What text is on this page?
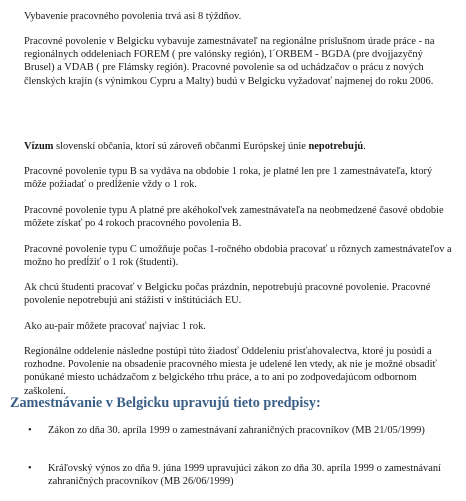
Vybavenie pracovného povolenia trvá asi 8 týždňov.

Pracovné povolenie v Belgicku vybavuje zamestnávateľ na regionálne príslušnom úrade práce - na regionálnych oddeleniach FOREM ( pre valónsky región), l´ORBEM - BGDA (pre dvojjazyčný Brusel) a VDAB ( pre Flámsky región). Pracovné povolenie sa od uchádzačov o prácu z nových členských krajín (s výnimkou Cypru a Malty) budú v Belgicku vyžadovať najmenej do roku 2006.

Vízum slovenskí občania, ktorí sú zároveň občanmi Európskej únie nepotrebujú.

Pracovné povolenie typu B sa vydáva na obdobie 1 roka, je platné len pre 1 zamestnávateľa, ktorý môže požiadať o predĺženie vždy o 1 rok.

Pracovné povolenie typu A platné pre akéhokoľvek zamestnávateľa na neobmedzené časové obdobie môžete získať po 4 rokoch pracovného povolenia B.

Pracovné povolenie typu C umožňuje počas 1-ročného obdobia pracovať u rôznych zamestnávateľov a možno ho predĺžiť o 1 rok (študenti).

Ak chcú študenti pracovať v Belgicku počas prázdnin, nepotrebujú pracovné povolenie. Pracovné povolenie nepotrebujú ani stážisti v inštitúciách EU.

Ako au-pair môžete pracovať najviac 1 rok.

Regionálne oddelenie následne postúpi túto žiadosť Oddeleniu prisťahovalectva, ktoré ju posúdi a rozhodne. Povolenie na obsadenie pracovného miesta je udelené len vtedy, ak nie je možné obsadiť ponúkané miesto uchádzačom z belgického trhu práce, a to ani po zodpovedajúcom odbornom zaškolení.

Zamestnávanie v Belgicku upravujú tieto predpisy:
• Zákon zo dňa 30. apríla 1999 o zamestnávaní zahraničných pracovníkov (MB 21/05/1999)
• Kráľovský výnos zo dňa 9. júna 1999 upravujúci zákon zo dňa 30. apríla 1999 o zamestnávaní zahraničných pracovníkov (MB 26/06/1999)
